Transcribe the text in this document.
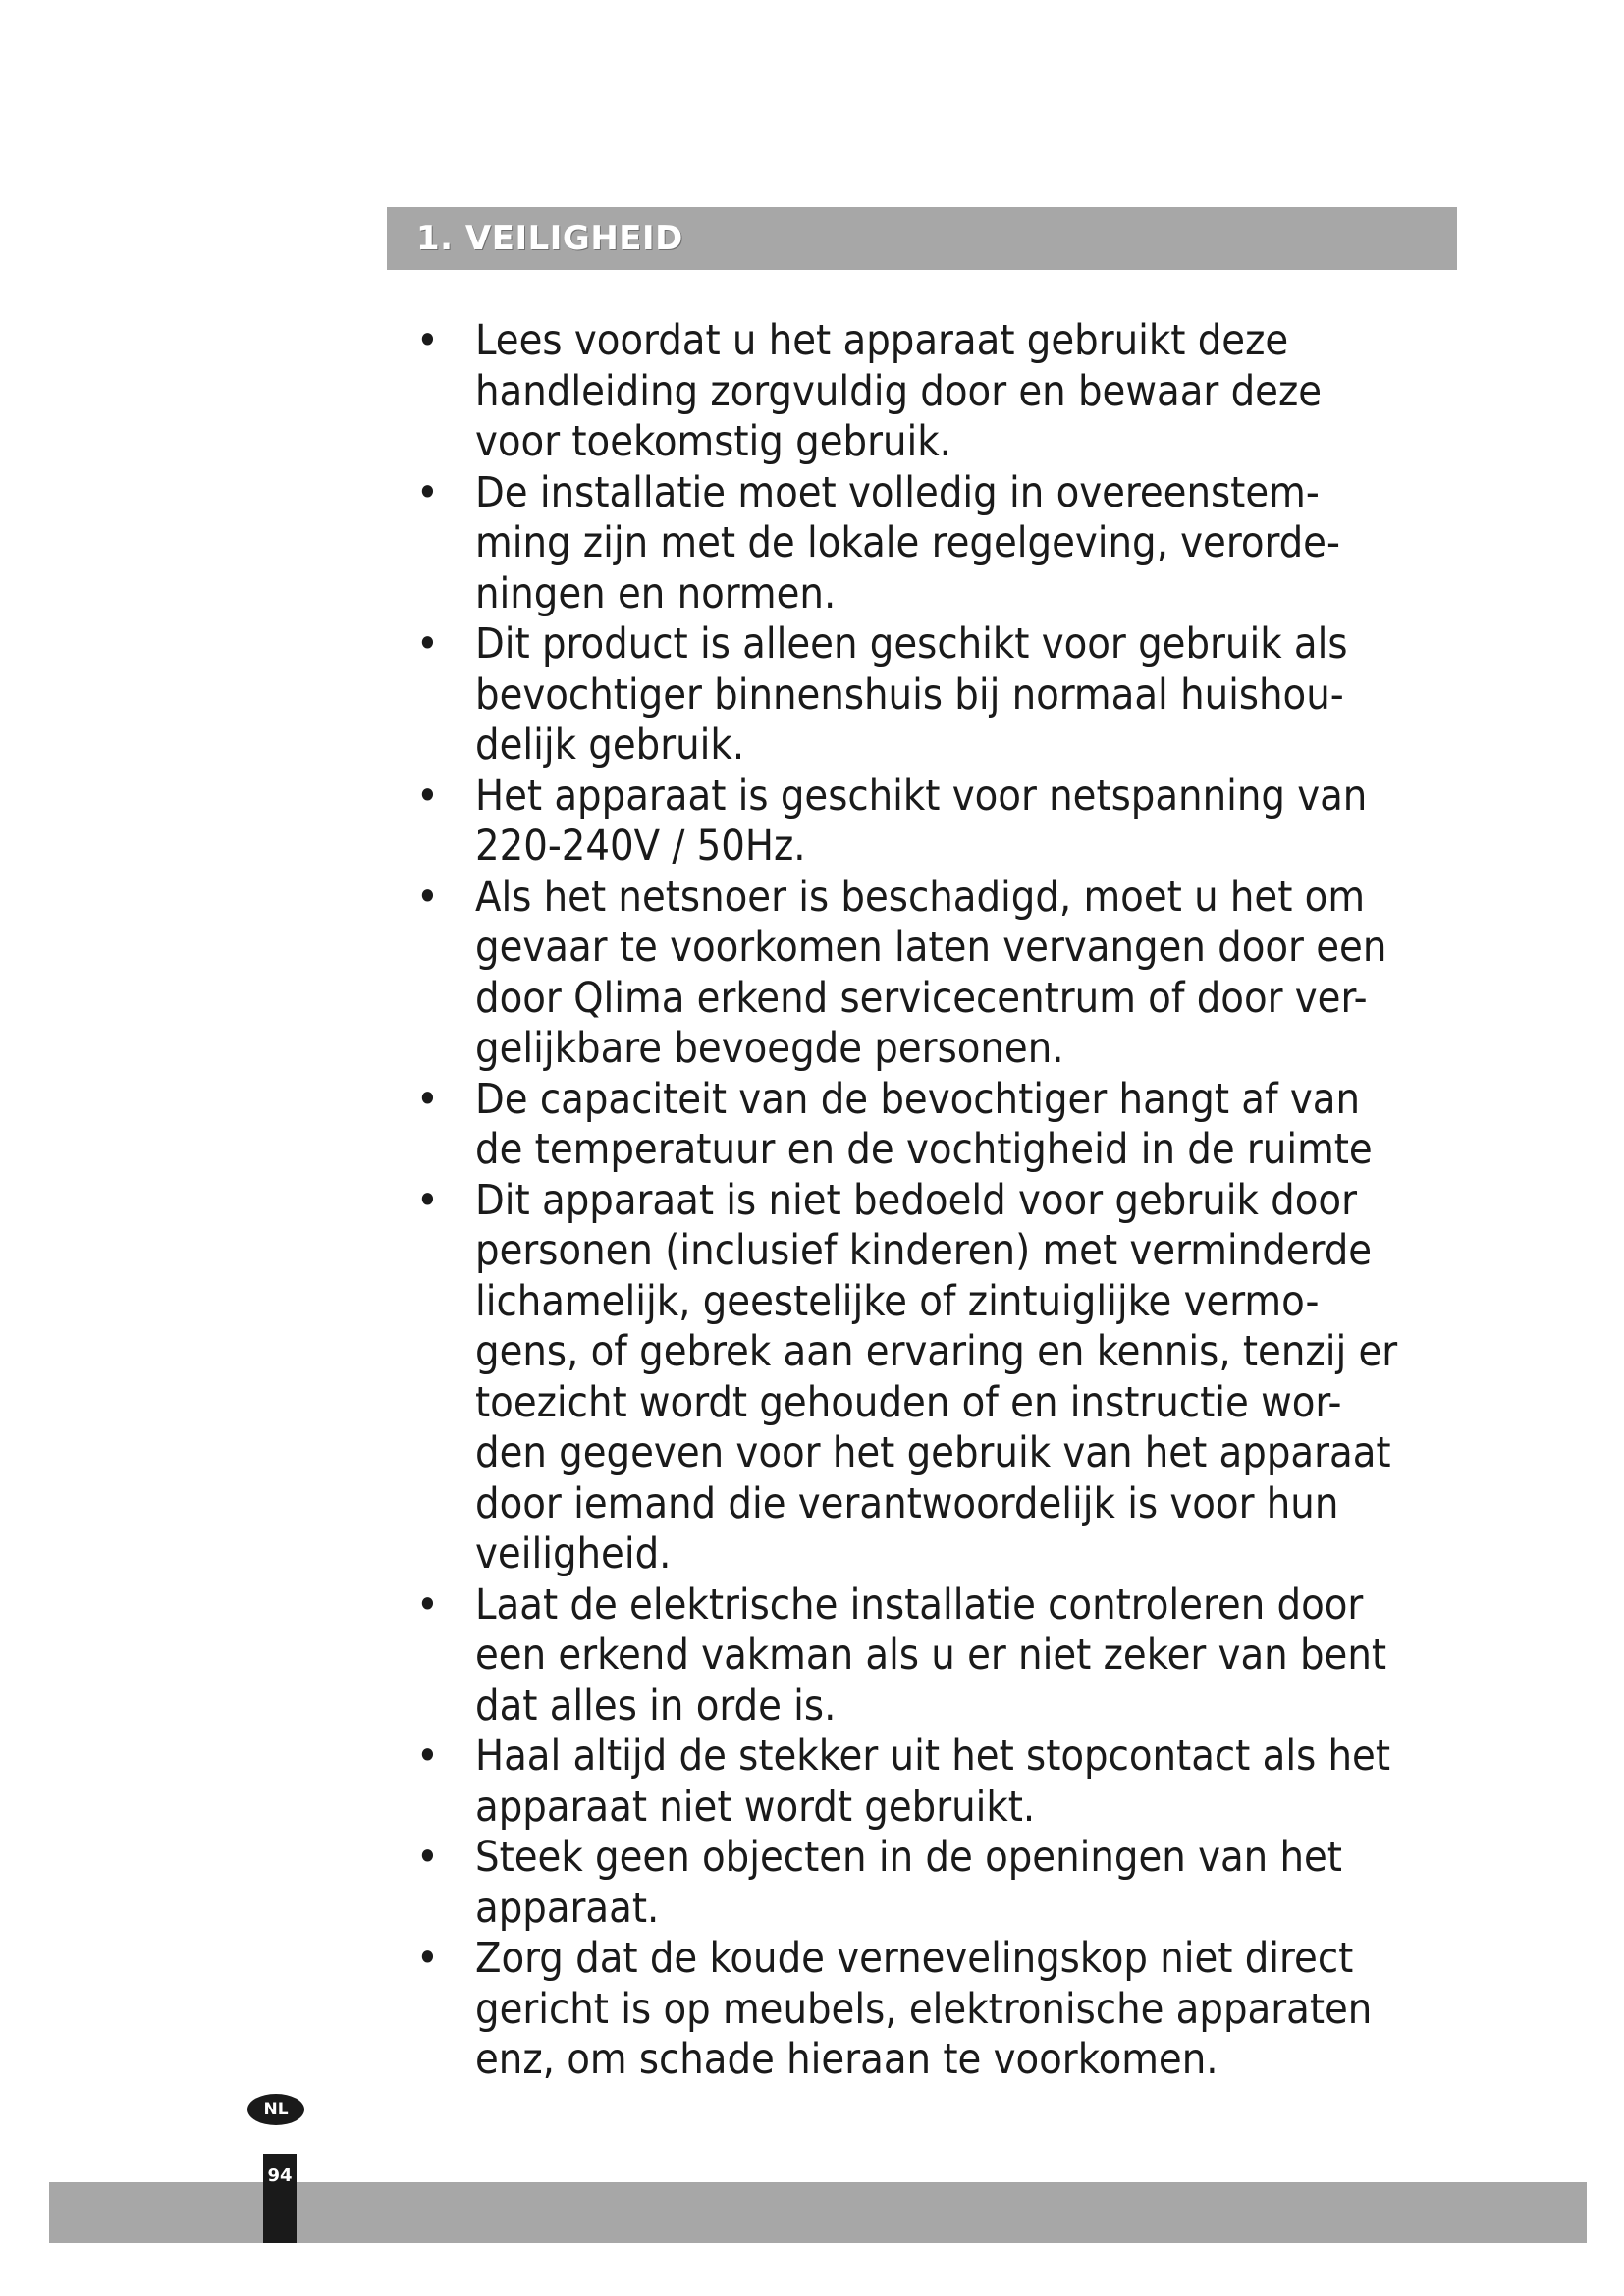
1. VEILIGHEID
• Lees voordat u het apparaat gebruikt deze
handleiding zorgvuldig door en bewaar deze
voor toekomstig gebruik.
• De installatie moet volledig in overeenstem-
ming zijn met de lokale regelgeving, verorde-
ningen en normen.
• Dit product is alleen geschikt voor gebruik als
bevochtiger binnenshuis bij normaal huishou-
delijk gebruik.
• Het apparaat is geschikt voor netspanning van
220-240V / 50Hz.
• Als het netsnoer is beschadigd, moet u het om
gevaar te voorkomen laten vervangen door een
door Qlima erkend servicecentrum of door ver-
gelijkbare bevoegde personen.
• De capaciteit van de bevochtiger hangt af van
de temperatuur en de vochtigheid in de ruimte
• Dit apparaat is niet bedoeld voor gebruik door
personen (inclusief kinderen) met verminderde
lichamelijk, geestelijke of zintuiglijke vermo-
gens, of gebrek aan ervaring en kennis, tenzij er
toezicht wordt gehouden of en instructie wor-
den gegeven voor het gebruik van het apparaat
door iemand die verantwoordelijk is voor hun
veiligheid.
• Laat de elektrische installatie controleren door
een erkend vakman als u er niet zeker van bent
dat alles in orde is.
• Haal altijd de stekker uit het stopcontact als het
apparaat niet wordt gebruikt.
• Steek geen objecten in de openingen van het
apparaat.
• Zorg dat de koude vernevelingskop niet direct
gericht is op meubels, elektronische apparaten
enz, om schade hieraan te voorkomen.
NL
94
